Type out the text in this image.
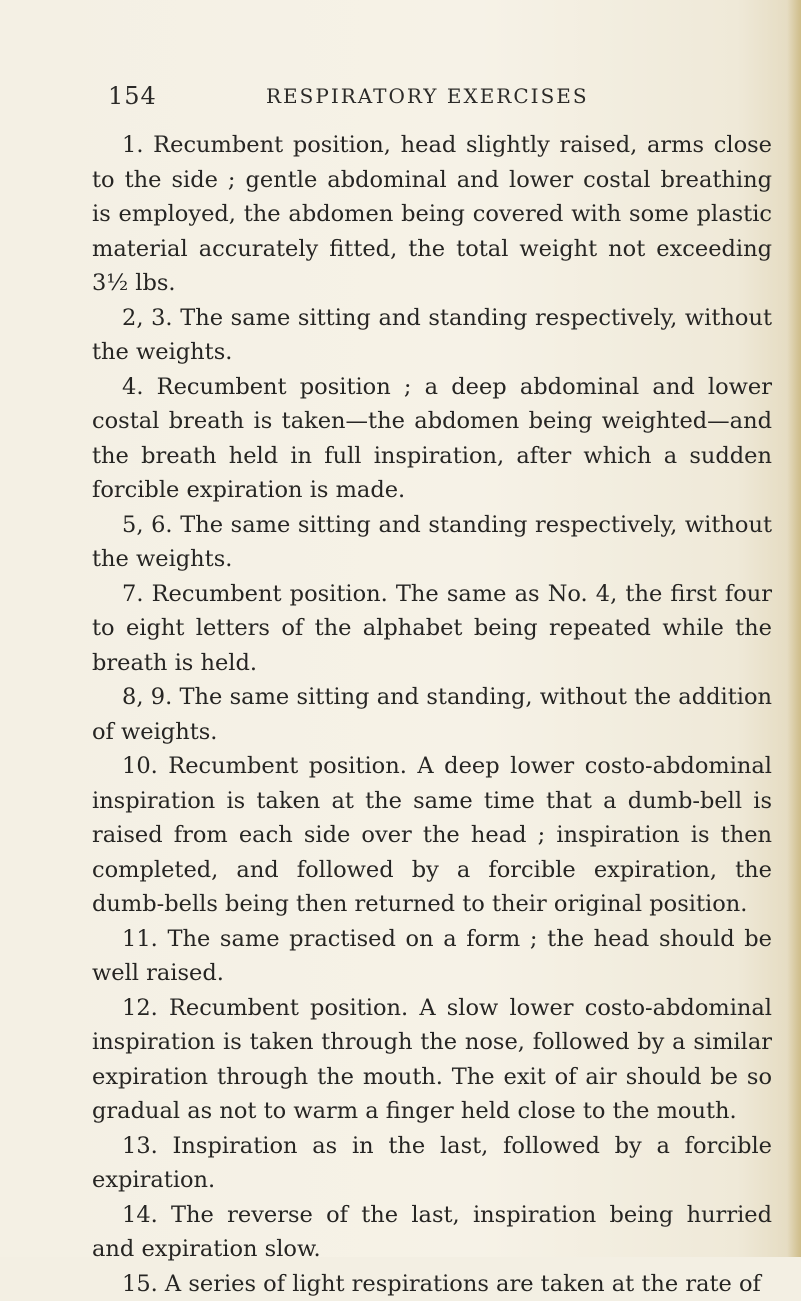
154	RESPIRATORY EXERCISES

1. Recumbent position, head slightly raised, arms close to the side ; gentle abdominal and lower costal breathing is employed, the abdomen being covered with some plastic material accurately fitted, the total weight not exceeding 3½ lbs.

2, 3. The same sitting and standing respectively, without the weights.

4. Recumbent position ; a deep abdominal and lower costal breath is taken—the abdomen being weighted—and the breath held in full inspiration, after which a sudden forcible expiration is made.

5, 6. The same sitting and standing respectively, without the weights.

7. Recumbent position. The same as No. 4, the first four to eight letters of the alphabet being repeated while the breath is held.

8, 9. The same sitting and standing, without the addition of weights.

10. Recumbent position. A deep lower costo-abdominal inspiration is taken at the same time that a dumb-bell is raised from each side over the head ; inspiration is then completed, and followed by a forcible expiration, the dumb-bells being then returned to their original position.

11. The same practised on a form ; the head should be well raised.

12. Recumbent position. A slow lower costo-abdominal inspiration is taken through the nose, followed by a similar expiration through the mouth. The exit of air should be so gradual as not to warm a finger held close to the mouth.

13. Inspiration as in the last, followed by a forcible expiration.

14. The reverse of the last, inspiration being hurried and expiration slow.

15. A series of light respirations are taken at the rate of
